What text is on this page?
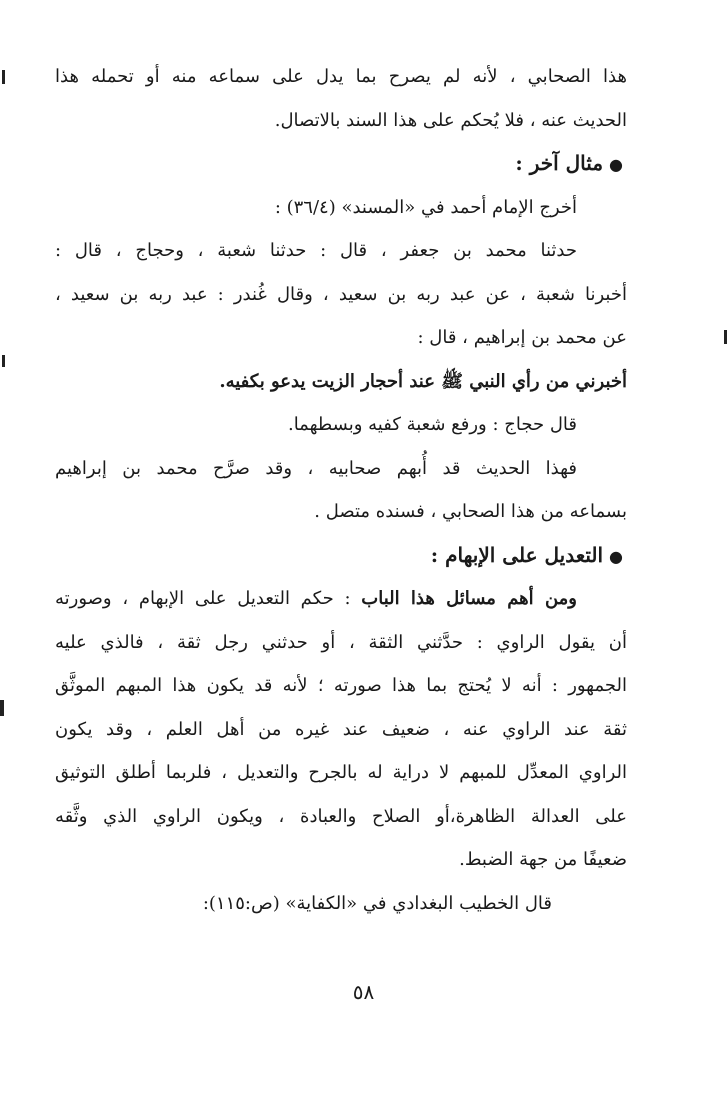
هذا الصحابي ، لأنه لم يصرح بما يدل على سماعه منه أو تحمله هذا
الحديث عنه ، فلا يُحكم على هذا السند بالاتصال.
●مثال آخر :
أخرج الإمام أحمد في «المسند» (٣٦/٤) :
حدثنا محمد بن جعفر ، قال : حدثنا شعبة ، وحجاج ، قال :
أخبرنا شعبة ، عن عبد ربه بن سعيد ، وقال غُندر : عبد ربه بن سعيد ،
عن محمد بن إبراهيم ، قال :
أخبرني من رأي النبي ﷺ عند أحجار الزيت يدعو بكفيه.
قال حجاج : ورفع شعبة كفيه وبسطهما.
فهذا الحديث قد أُبهم صحابيه ، وقد صرَّح محمد بن إبراهيم
بسماعه من هذا الصحابي ، فسنده متصل .
●التعديل على الإبهام :
ومن أهم مسائل هذا الباب : حكم التعديل على الإبهام ، وصورته
أن يقول الراوي : حدَّثني الثقة ، أو حدثني رجل ثقة ، فالذي عليه
الجمهور : أنه لا يُحتج بما هذا صورته ؛ لأنه قد يكون هذا المبهم الموثَّق
ثقة عند الراوي عنه ، ضعيف عند غيره من أهل العلم ، وقد يكون
الراوي المعدِّل للمبهم لا دراية له بالجرح والتعديل ، فلربما أطلق التوثيق
على العدالة الظاهرة،أو الصلاح والعبادة ، ويكون الراوي الذي وثَّقه
ضعيفًا من جهة الضبط.
قال الخطيب البغدادي في «الكفاية» (ص:١١٥):
٥٨
